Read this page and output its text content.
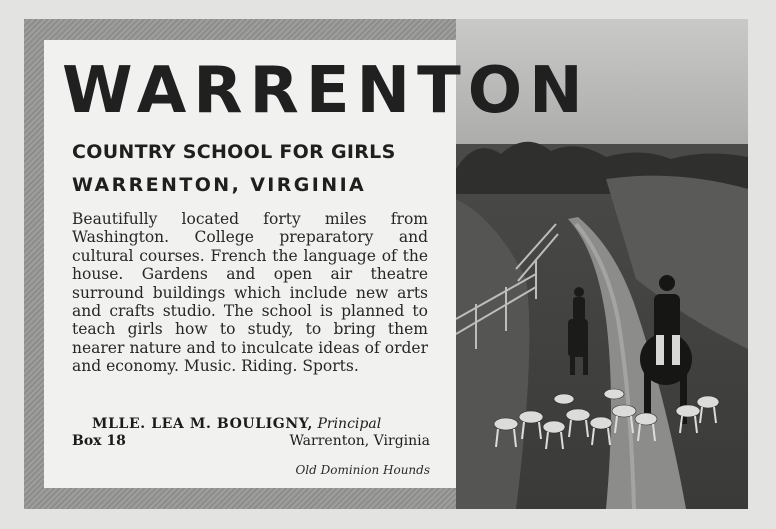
WARRENTON
COUNTRY SCHOOL FOR GIRLS
WARRENTON, VIRGINIA

Beautifully located forty miles from Washington. College preparatory and cultural courses. French the language of the house. Gardens and open air theatre surround buildings which include new arts and crafts studio. The school is planned to teach girls how to study, to bring them nearer nature and to inculcate ideas of order and economy. Music. Riding. Sports.

MLLE. LEA M. BOULIGNY, Principal
Box 18	Warrenton, Virginia
Old Dominion Hounds
